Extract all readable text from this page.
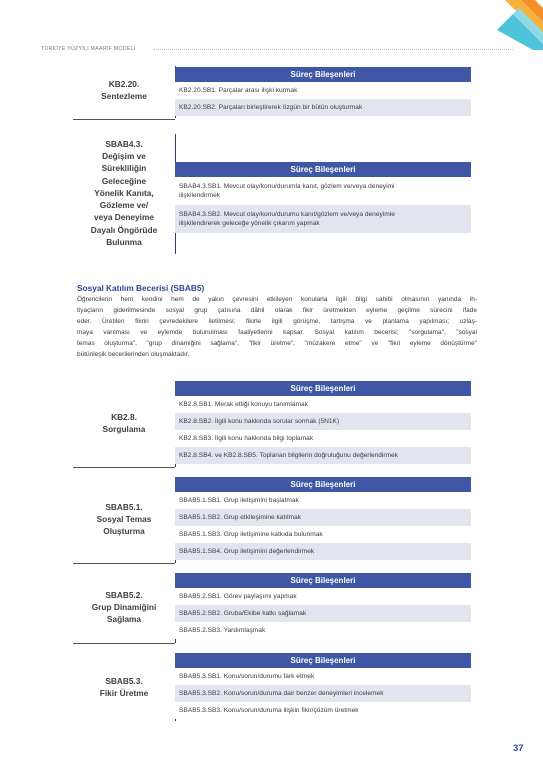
TÜRKİYE YÜZYILI MAARİF MODELİ
KB2.20.
Sentezleme
Süreç Bileşenleri
KB2.20.SB1. Parçalar arası ilişki kurmak
KB2.20.SB2. Parçaları birleştirerek özgün bir bütün oluşturmak
SBAB4.3.
Değişim ve
Sürekliliğin
Geleceğine
Yönelik Kanıta,
Gözleme ve/
veya Deneyime
Dayalı Öngörüde
Bulunma
Süreç Bileşenleri
SBAB4.3.SB1. Mevcut olay/konu/durumla kanıt, gözlem ve/veya deneyimi
ilişkilendirmek
SBAB4.3.SB2. Mevcut olay/konu/durumu kanıt/gözlem ve/veya deneyimle
ilişkilendirerek geleceğe yönelik çıkarım yapmak
Sosyal Katılım Becerisi (SBAB5)
Öğrencilerin hem kendini hem de yakın çevresini etkileyen konularla ilgili bilgi sahibi olmasının yanında ih-
tiyaçların giderilmesinde sosyal grup çatısına dâhil olarak fikir üretmekten eyleme geçilme sürecini ifade
eder. Üretilen fikrin çevredekilere iletilmesi; fikirle ilgili görüşme, tartışma ve planlama yapılması; uzlaş-
maya varılması ve eylemde bulunulması faaliyetlerini kapsar. Sosyal katılım becerisi; "sorgulama", "sosyal
temas oluşturma", "grup dinamiğini sağlama", "fikir üretme", "müzakere etme" ve "fikri eyleme dönüştürme"
bütünleşik becerilerinden oluşmaktadır.
KB2.8.
Sorgulama
Süreç Bileşenleri
KB2.8.SB1. Merak ettiği konuyu tanımlamak
KB2.8.SB2. İlgili konu hakkında sorular sormak (5N1K)
KB2.8.SB3. İlgili konu hakkında bilgi toplamak
KB2.8.SB4. ve KB2.8.SB5. Toplanan bilgilerin doğruluğunu değerlendirmek
SBAB5.1.
Sosyal Temas
Oluşturma
Süreç Bileşenleri
SBAB5.1.SB1. Grup iletişimini başlatmak
SBAB5.1.SB2. Grup etkileşimine katılmak
SBAB5.1.SB3. Grup iletişimine katkıda bulunmak
SBAB5.1.SB4. Grup iletişimini değerlendirmek
SBAB5.2.
Grup Dinamiğini
Sağlama
Süreç Bileşenleri
SBAB5.2.SB1. Görev paylaşımı yapmak
SBAB5.2.SB2. Gruba/Ekibe katkı sağlamak
SBAB5.2.SB3. Yardımlaşmak
SBAB5.3.
Fikir Üretme
Süreç Bileşenleri
SBAB5.3.SB1. Konu/sorun/durumu fark etmek
SBAB5.3.SB2. Konu/sorun/duruma dair benzer deneyimleri incelemek
SBAB5.3.SB3. Konu/sorun/duruma ilişkin fikir/çözüm üretmek
37
